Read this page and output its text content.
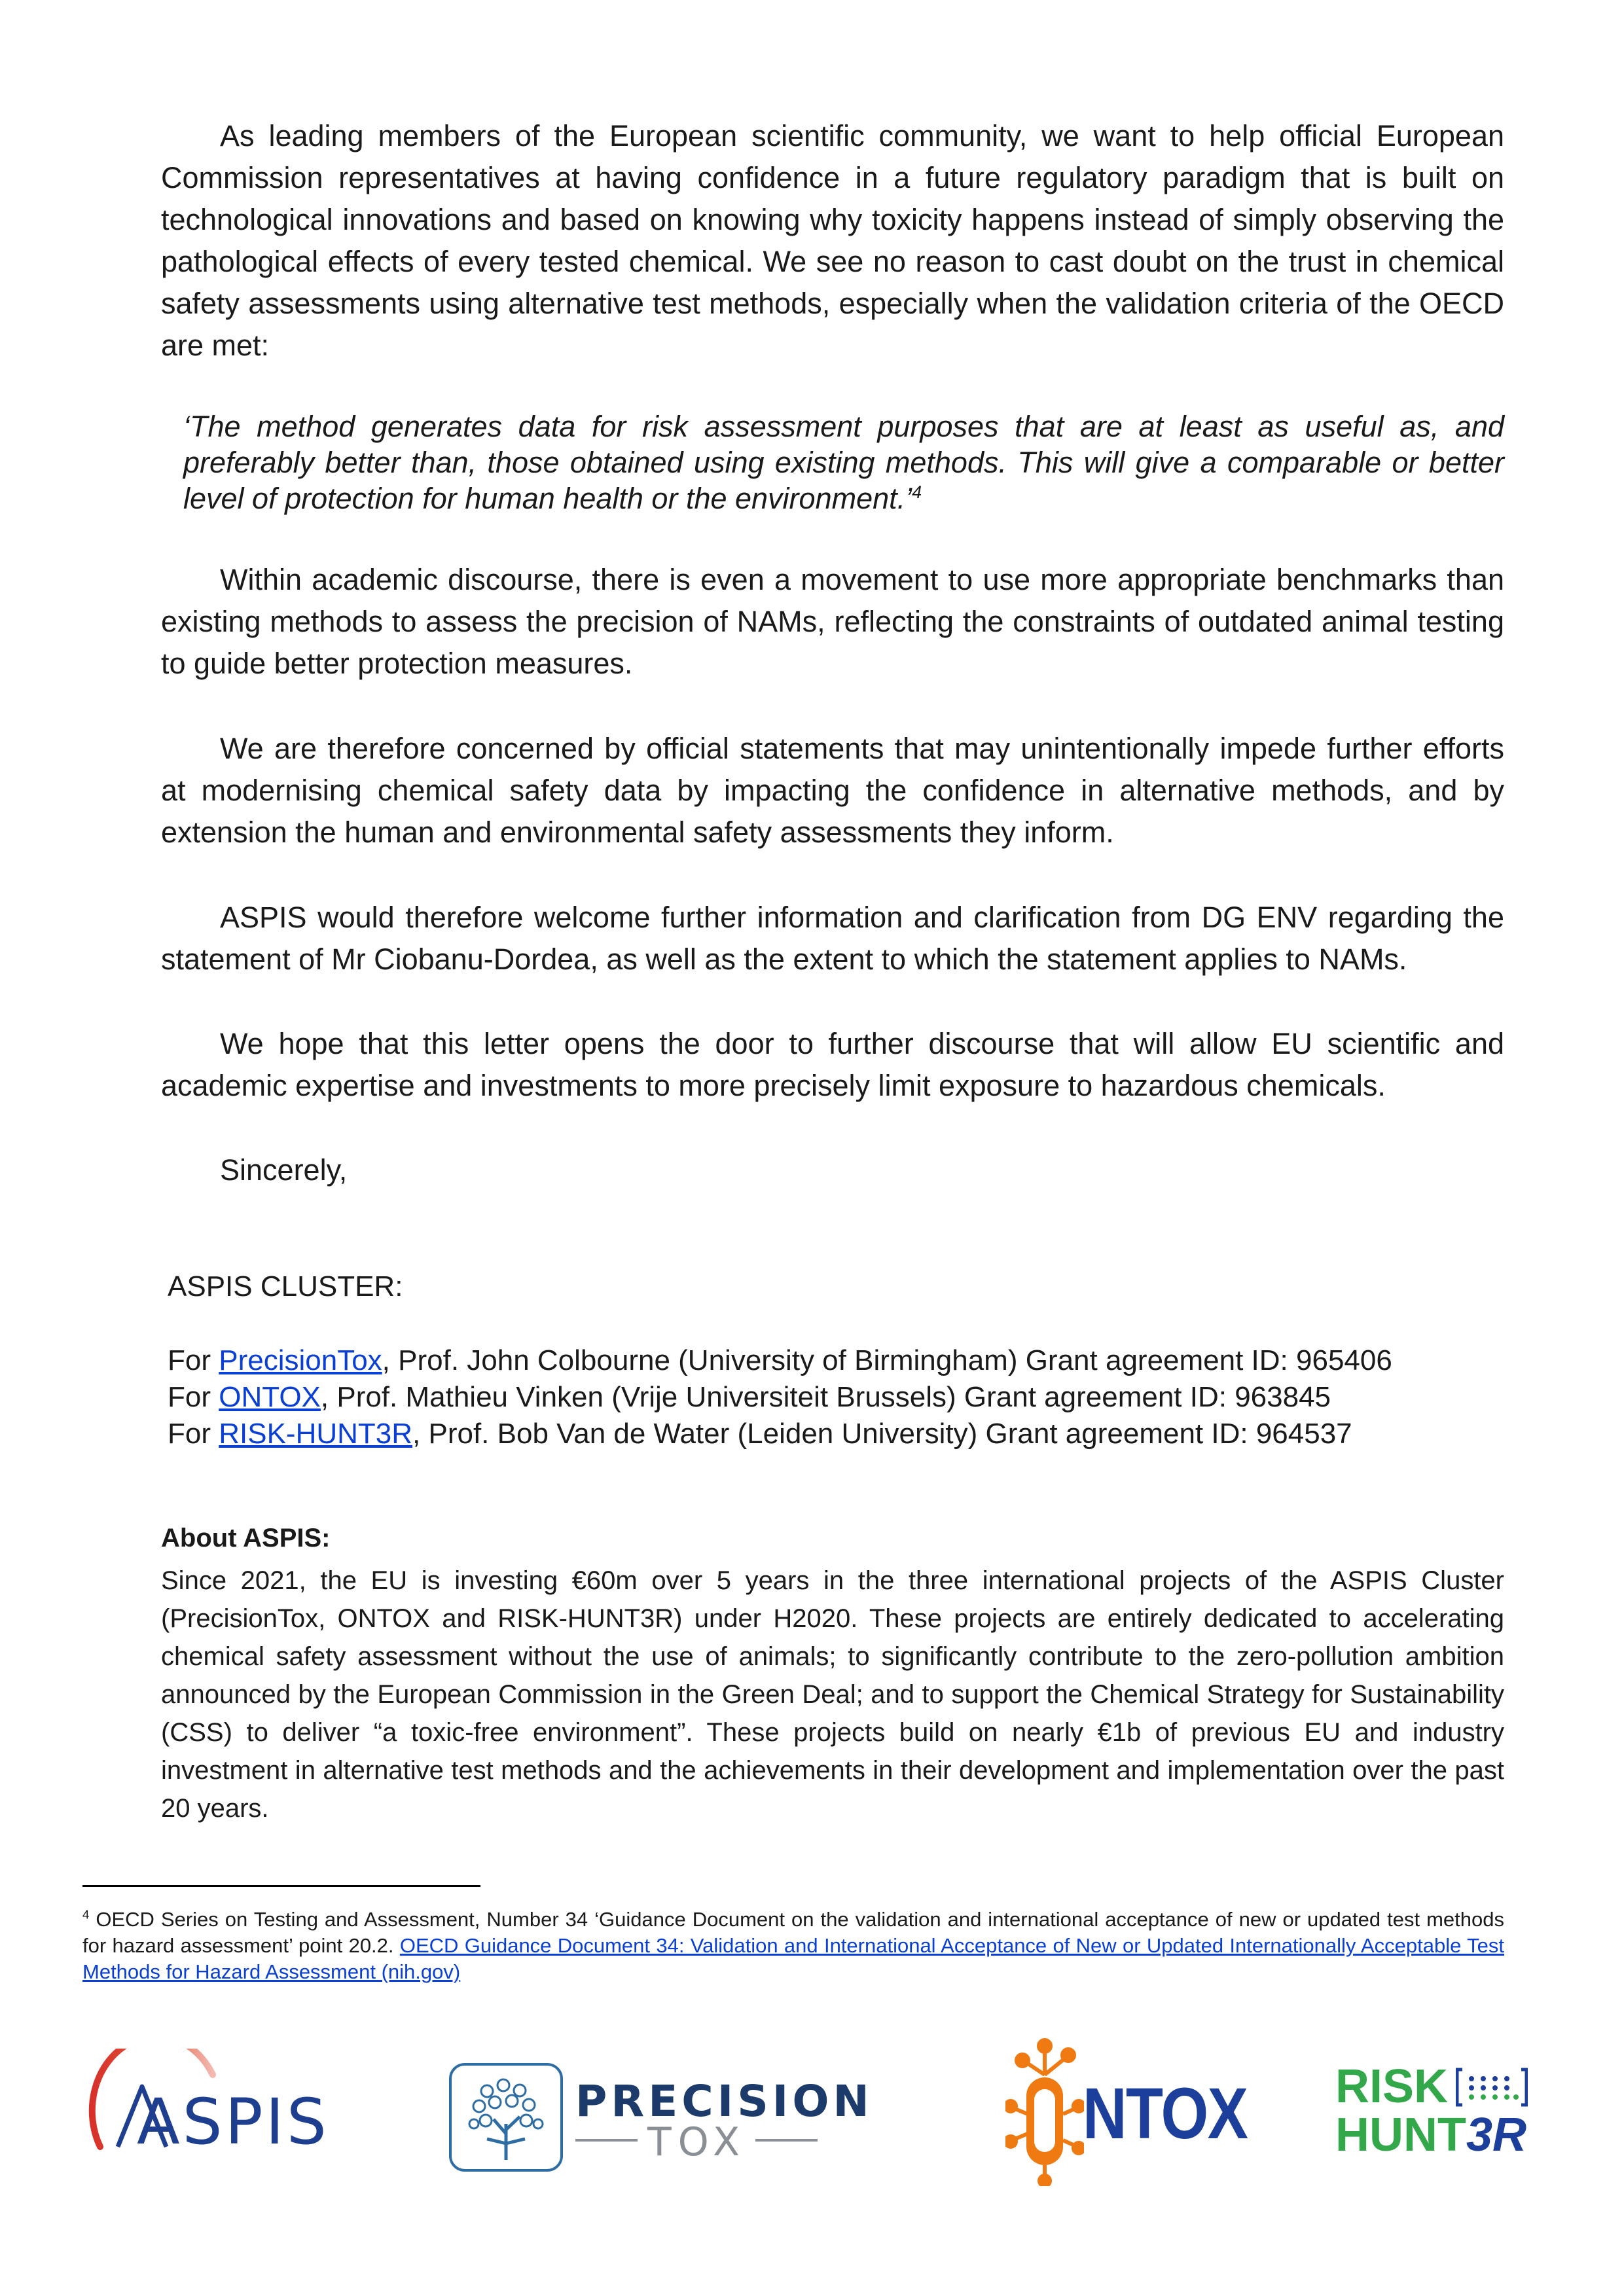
As leading members of the European scientific community, we want to help official European Commission representatives at having confidence in a future regulatory paradigm that is built on technological innovations and based on knowing why toxicity happens instead of simply observing the pathological effects of every tested chemical. We see no reason to cast doubt on the trust in chemical safety assessments using alternative test methods, especially when the validation criteria of the OECD are met:

‘The method generates data for risk assessment purposes that are at least as useful as, and preferably better than, those obtained using existing methods. This will give a comparable or better level of protection for human health or the environment.’$^4$

Within academic discourse, there is even a movement to use more appropriate benchmarks than existing methods to assess the precision of NAMs, reflecting the constraints of outdated animal testing to guide better protection measures.

We are therefore concerned by official statements that may unintentionally impede further efforts at modernising chemical safety data by impacting the confidence in alternative methods, and by extension the human and environmental safety assessments they inform.

ASPIS would therefore welcome further information and clarification from DG ENV regarding the statement of Mr Ciobanu-Dordea, as well as the extent to which the statement applies to NAMs.

We hope that this letter opens the door to further discourse that will allow EU scientific and academic expertise and investments to more precisely limit exposure to hazardous chemicals.

Sincerely,

ASPIS CLUSTER:

For PrecisionTox, Prof. John Colbourne (University of Birmingham) Grant agreement ID: 965406

For ONTOX, Prof. Mathieu Vinken (Vrije Universiteit Brussels) Grant agreement ID: 963845

For RISK-HUNT3R, Prof. Bob Van de Water (Leiden University) Grant agreement ID: 964537

About ASPIS:

Since 2021, the EU is investing €60m over 5 years in the three international projects of the ASPIS Cluster (PrecisionTox, ONTOX and RISK-HUNT3R) under H2020. These projects are entirely dedicated to accelerating chemical safety assessment without the use of animals; to significantly contribute to the zero-pollution ambition announced by the European Commission in the Green Deal; and to support the Chemical Strategy for Sustainability (CSS) to deliver “a toxic-free environment”. These projects build on nearly €1b of previous EU and industry investment in alternative test methods and the achievements in their development and implementation over the past 20 years.

$^4$ OECD Series on Testing and Assessment, Number 34 ‘Guidance Document on the validation and international acceptance of new or updated test methods for hazard assessment’ point 20.2. OECD Guidance Document 34: Validation and International Acceptance of New or Updated Internationally Acceptable Test Methods for Hazard Assessment (nih.gov)

ASPIS	PRECISION
TOX	NTOX RISK
HUNT3R
